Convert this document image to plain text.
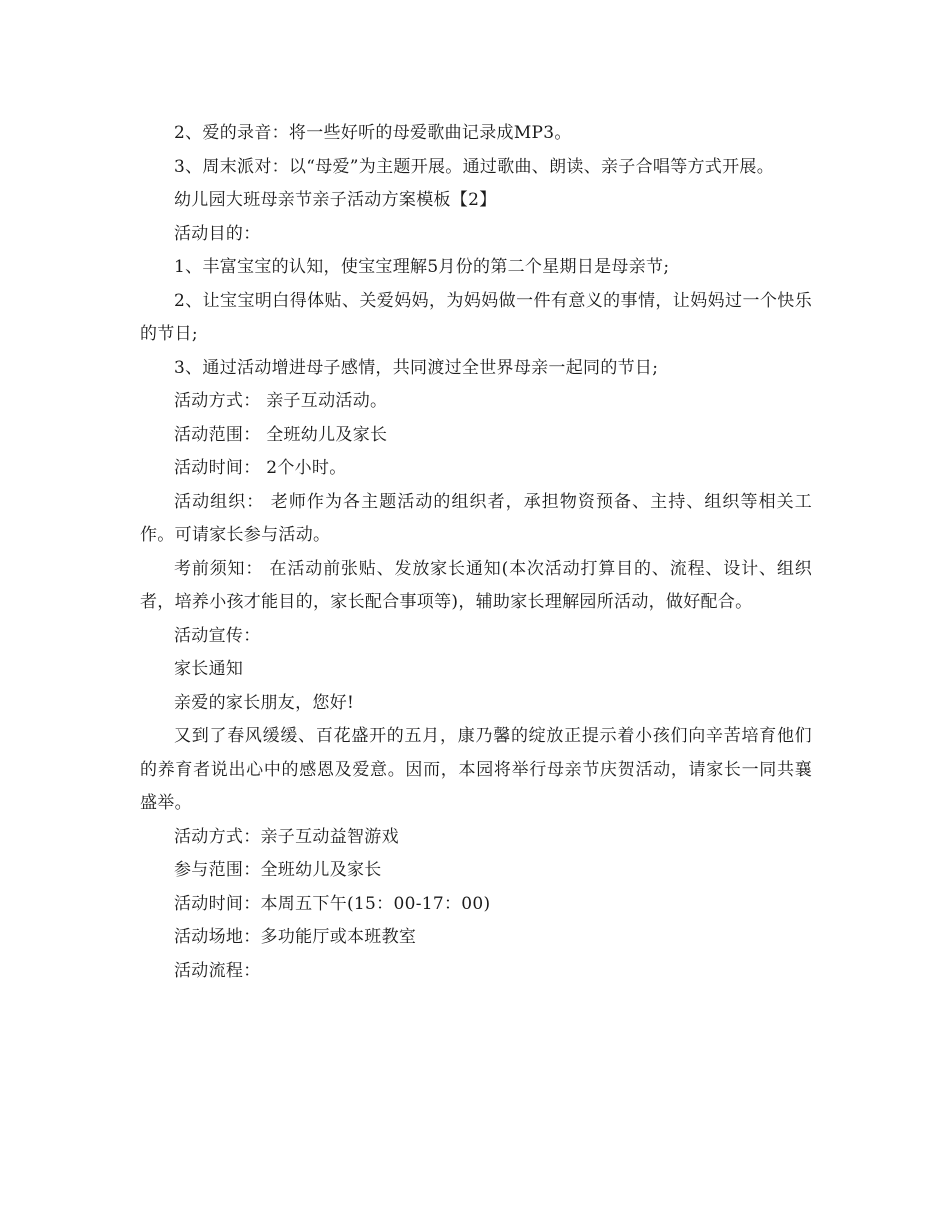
2、爱的录音：将一些好听的母爱歌曲记录成MP3。

3、周末派对：以“母爱”为主题开展。通过歌曲、朗读、亲子合唱等方式开展。

幼儿园大班母亲节亲子活动方案模板【2】

活动目的：

1、丰富宝宝的认知，使宝宝理解5月份的第二个星期日是母亲节;

2、让宝宝明白得体贴、关爱妈妈，为妈妈做一件有意义的事情，让妈妈过一个快乐的节日;

3、通过活动增进母子感情，共同渡过全世界母亲一起同的节日;

活动方式： 亲子互动活动。

活动范围： 全班幼儿及家长

活动时间： 2个小时。

活动组织： 老师作为各主题活动的组织者，承担物资预备、主持、组织等相关工作。可请家长参与活动。

考前须知： 在活动前张贴、发放家长通知(本次活动打算目的、流程、设计、组织者，培养小孩才能目的，家长配合事项等)，辅助家长理解园所活动，做好配合。

活动宣传：

家长通知

亲爱的家长朋友，您好!

又到了春风缓缓、百花盛开的五月，康乃馨的绽放正提示着小孩们向辛苦培育他们的养育者说出心中的感恩及爱意。因而，本园将举行母亲节庆贺活动，请家长一同共襄盛举。

活动方式：亲子互动益智游戏

参与范围：全班幼儿及家长

活动时间：本周五下午(15：00-17：00)

活动场地：多功能厅或本班教室

活动流程：
